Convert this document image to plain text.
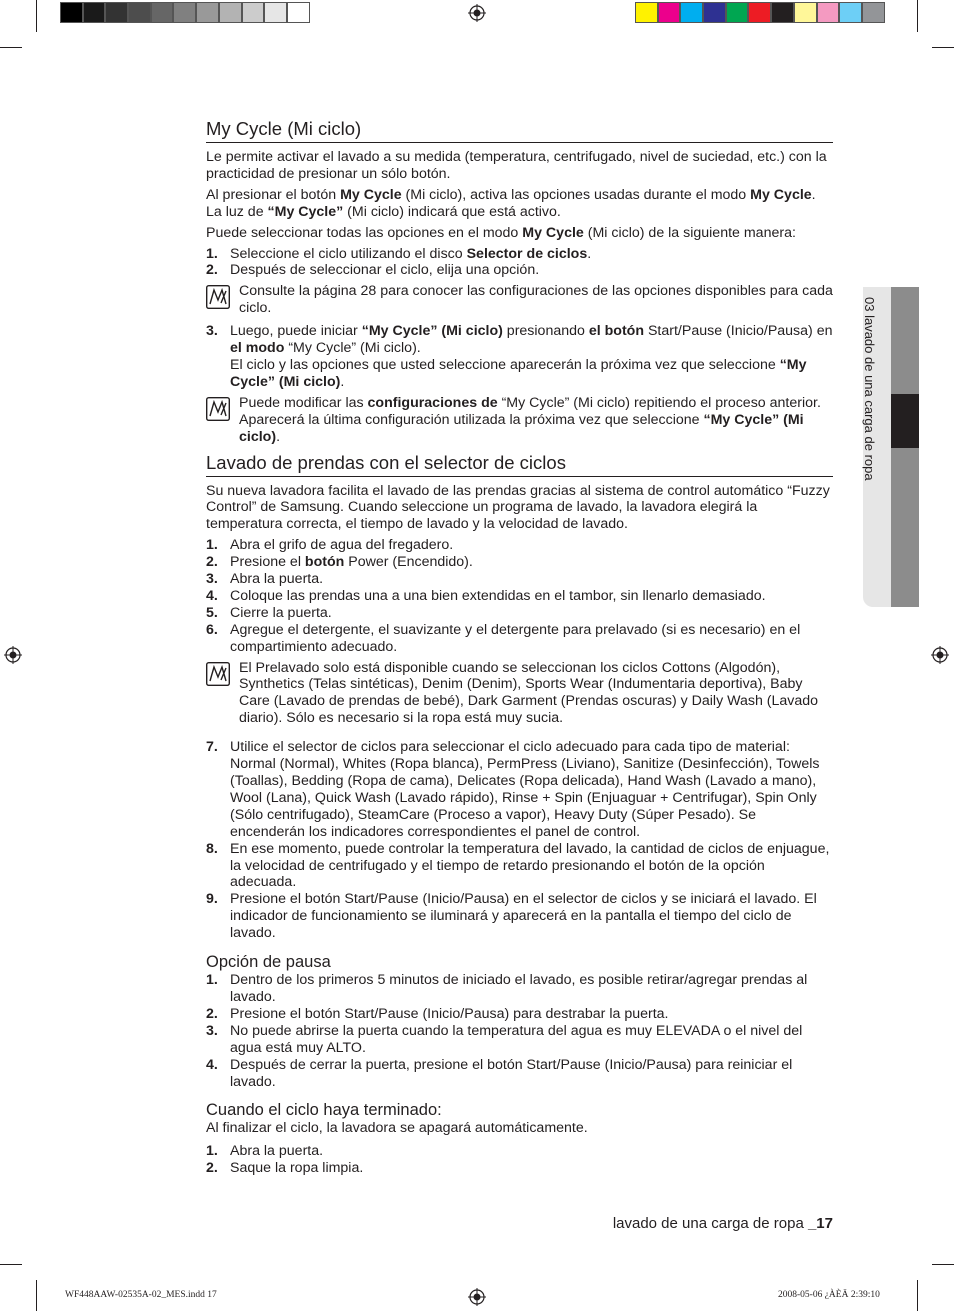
03 lavado de una carga de ropa
My Cycle (Mi ciclo)

Le permite activar el lavado a su medida (temperatura, centrifugado, nivel de suciedad, etc.) con la practicidad de presionar un sólo botón.

Al presionar el botón My Cycle (Mi ciclo), activa las opciones usadas durante el modo My Cycle. La luz de “My Cycle” (Mi ciclo) indicará que está activo.

Puede seleccionar todas las opciones en el modo My Cycle (Mi ciclo) de la siguiente manera:

1. Seleccione el ciclo utilizando el disco Selector de ciclos.
2. Después de seleccionar el ciclo, elija una opción.
Consulte la página 28 para conocer las configuraciones de las opciones disponibles para cada ciclo.
3. Luego, puede iniciar “My Cycle” (Mi ciclo) presionando el botón Start/Pause (Inicio/Pausa) en el modo “My Cycle” (Mi ciclo).
El ciclo y las opciones que usted seleccione aparecerán la próxima vez que seleccione “My Cycle” (Mi ciclo).
Puede modificar las configuraciones de “My Cycle” (Mi ciclo) repitiendo el proceso anterior.
Aparecerá la última configuración utilizada la próxima vez que seleccione “My Cycle” (Mi ciclo).
Lavado de prendas con el selector de ciclos

Su nueva lavadora facilita el lavado de las prendas gracias al sistema de control automático “Fuzzy Control” de Samsung. Cuando seleccione un programa de lavado, la lavadora elegirá la temperatura correcta, el tiempo de lavado y la velocidad de lavado.

1. Abra el grifo de agua del fregadero.
2. Presione el botón Power (Encendido).
3. Abra la puerta.
4. Coloque las prendas una a una bien extendidas en el tambor, sin llenarlo demasiado.
5. Cierre la puerta.
6. Agregue el detergente, el suavizante y el detergente para prelavado (si es necesario) en el compartimiento adecuado.
El Prelavado solo está disponible cuando se seleccionan los ciclos Cottons (Algodón), Synthetics (Telas sintéticas), Denim (Denim), Sports Wear (Indumentaria deportiva), Baby Care (Lavado de prendas de bebé), Dark Garment (Prendas oscuras) y Daily Wash (Lavado diario). Sólo es necesario si la ropa está muy sucia.
7. Utilice el selector de ciclos para seleccionar el ciclo adecuado para cada tipo de material: Normal (Normal), Whites (Ropa blanca), PermPress (Liviano), Sanitize (Desinfección), Towels (Toallas), Bedding (Ropa de cama), Delicates (Ropa delicada), Hand Wash (Lavado a mano), Wool (Lana), Quick Wash (Lavado rápido), Rinse + Spin (Enjuaguar + Centrifugar), Spin Only (Sólo centrifugado), SteamCare (Proceso a vapor), Heavy Duty (Súper Pesado). Se encenderán los indicadores correspondientes el panel de control.
8. En ese momento, puede controlar la temperatura del lavado, la cantidad de ciclos de enjuague, la velocidad de centrifugado y el tiempo de retardo presionando el botón de la opción adecuada.
9. Presione el botón Start/Pause (Inicio/Pausa) en el selector de ciclos y se iniciará el lavado. El indicador de funcionamiento se iluminará y aparecerá en la pantalla el tiempo del ciclo de lavado.
Opción de pausa
1. Dentro de los primeros 5 minutos de iniciado el lavado, es posible retirar/agregar prendas al lavado.
2. Presione el botón Start/Pause (Inicio/Pausa) para destrabar la puerta.
3. No puede abrirse la puerta cuando la temperatura del agua es muy ELEVADA o el nivel del agua está muy ALTO.
4. Después de cerrar la puerta, presione el botón Start/Pause (Inicio/Pausa) para reiniciar el lavado.
Cuando el ciclo haya terminado:

Al finalizar el ciclo, la lavadora se apagará automáticamente.

1. Abra la puerta.
2. Saque la ropa limpia.
lavado de una carga de ropa _17
WF448AAW-02535A-02_MES.indd 17	2008-05-06 ¿ÀÈÄ 2:39:10
